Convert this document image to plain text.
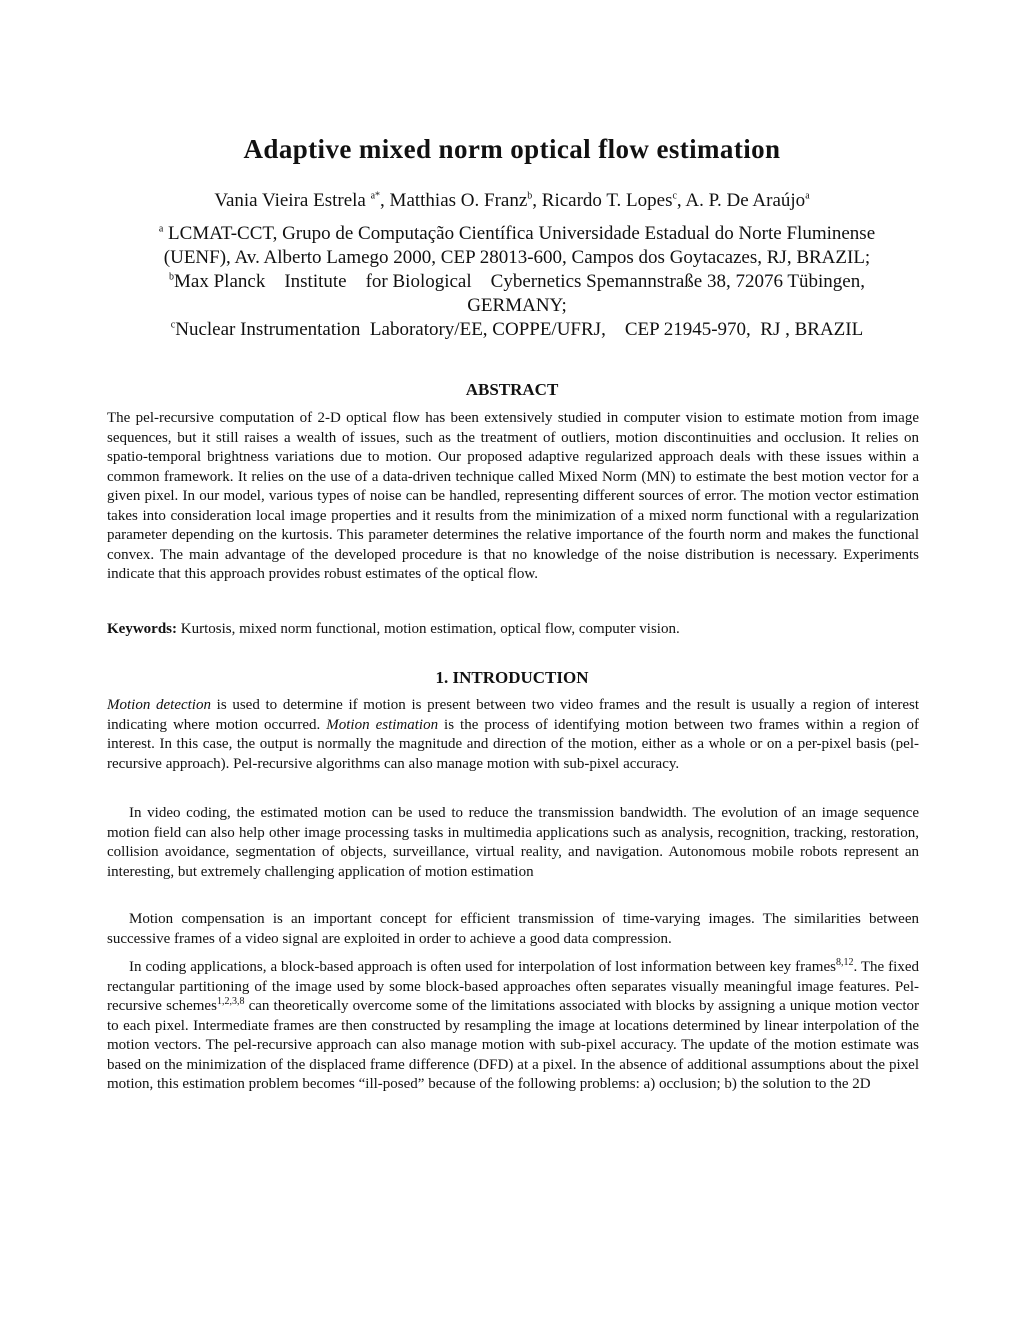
Adaptive mixed norm optical flow estimation
Vania Vieira Estrela $^{a*}$, Matthias O. Franz$^b$, Ricardo T. Lopes$^c$, A. P. De Araújo$^a$
$^a$ LCMAT-CCT, Grupo de Computação Científica Universidade Estadual do Norte Fluminense
(UENF), Av. Alberto Lamego 2000, CEP 28013-600, Campos dos Goytacazes, RJ, BRAZIL;
$^b$Max Planck    Institute    for Biological    Cybernetics Spemannstraße 38, 72076 Tübingen,
GERMANY;
$^c$Nuclear Instrumentation  Laboratory/EE, COPPE/UFRJ,    CEP 21945-970,  RJ , BRAZIL
ABSTRACT
The pel-recursive computation of 2-D optical flow has been extensively studied in computer vision to estimate motion from image sequences, but it still raises a wealth of issues, such as the treatment of outliers, motion discontinuities and occlusion. It relies on spatio-temporal brightness variations due to motion. Our proposed adaptive regularized approach deals with these issues within a common framework. It relies on the use of a data-driven technique called Mixed Norm (MN) to estimate the best motion vector for a given pixel. In our model, various types of noise can be handled, representing different sources of error. The motion vector estimation takes into consideration local image properties and it results from the minimization of a mixed norm functional with a regularization parameter depending on the kurtosis. This parameter determines the relative importance of the fourth norm and makes the functional convex. The main advantage of the developed procedure is that no knowledge of the noise distribution is necessary. Experiments indicate that this approach provides robust estimates of the optical flow.
Keywords: Kurtosis, mixed norm functional, motion estimation, optical flow, computer vision.
1. INTRODUCTION
Motion detection is used to determine if motion is present between two video frames and the result is usually a region of interest indicating where motion occurred. Motion estimation is the process of identifying motion between two frames within a region of interest. In this case, the output is normally the magnitude and direction of the motion, either as a whole or on a per-pixel basis (pel-recursive approach). Pel-recursive algorithms can also manage motion with sub-pixel accuracy.
In video coding, the estimated motion can be used to reduce the transmission bandwidth. The evolution of an image sequence motion field can also help other image processing tasks in multimedia applications such as analysis, recognition, tracking, restoration, collision avoidance, segmentation of objects, surveillance, virtual reality, and navigation. Autonomous mobile robots represent an interesting, but extremely challenging application of motion estimation
Motion compensation is an important concept for efficient transmission of time-varying images. The similarities between successive frames of a video signal are exploited in order to achieve a good data compression.
In coding applications, a block-based approach is often used for interpolation of lost information between key frames$^{8,12}$. The fixed rectangular partitioning of the image used by some block-based approaches often separates visually meaningful image features. Pel-recursive schemes$^{1,2,3,8}$ can theoretically overcome some of the limitations associated with blocks by assigning a unique motion vector to each pixel. Intermediate frames are then constructed by resampling the image at locations determined by linear interpolation of the motion vectors. The pel-recursive approach can also manage motion with sub-pixel accuracy. The update of the motion estimate was based on the minimization of the displaced frame difference (DFD) at a pixel. In the absence of additional assumptions about the pixel motion, this estimation problem becomes “ill-posed” because of the following problems: a) occlusion; b) the solution to the 2D
